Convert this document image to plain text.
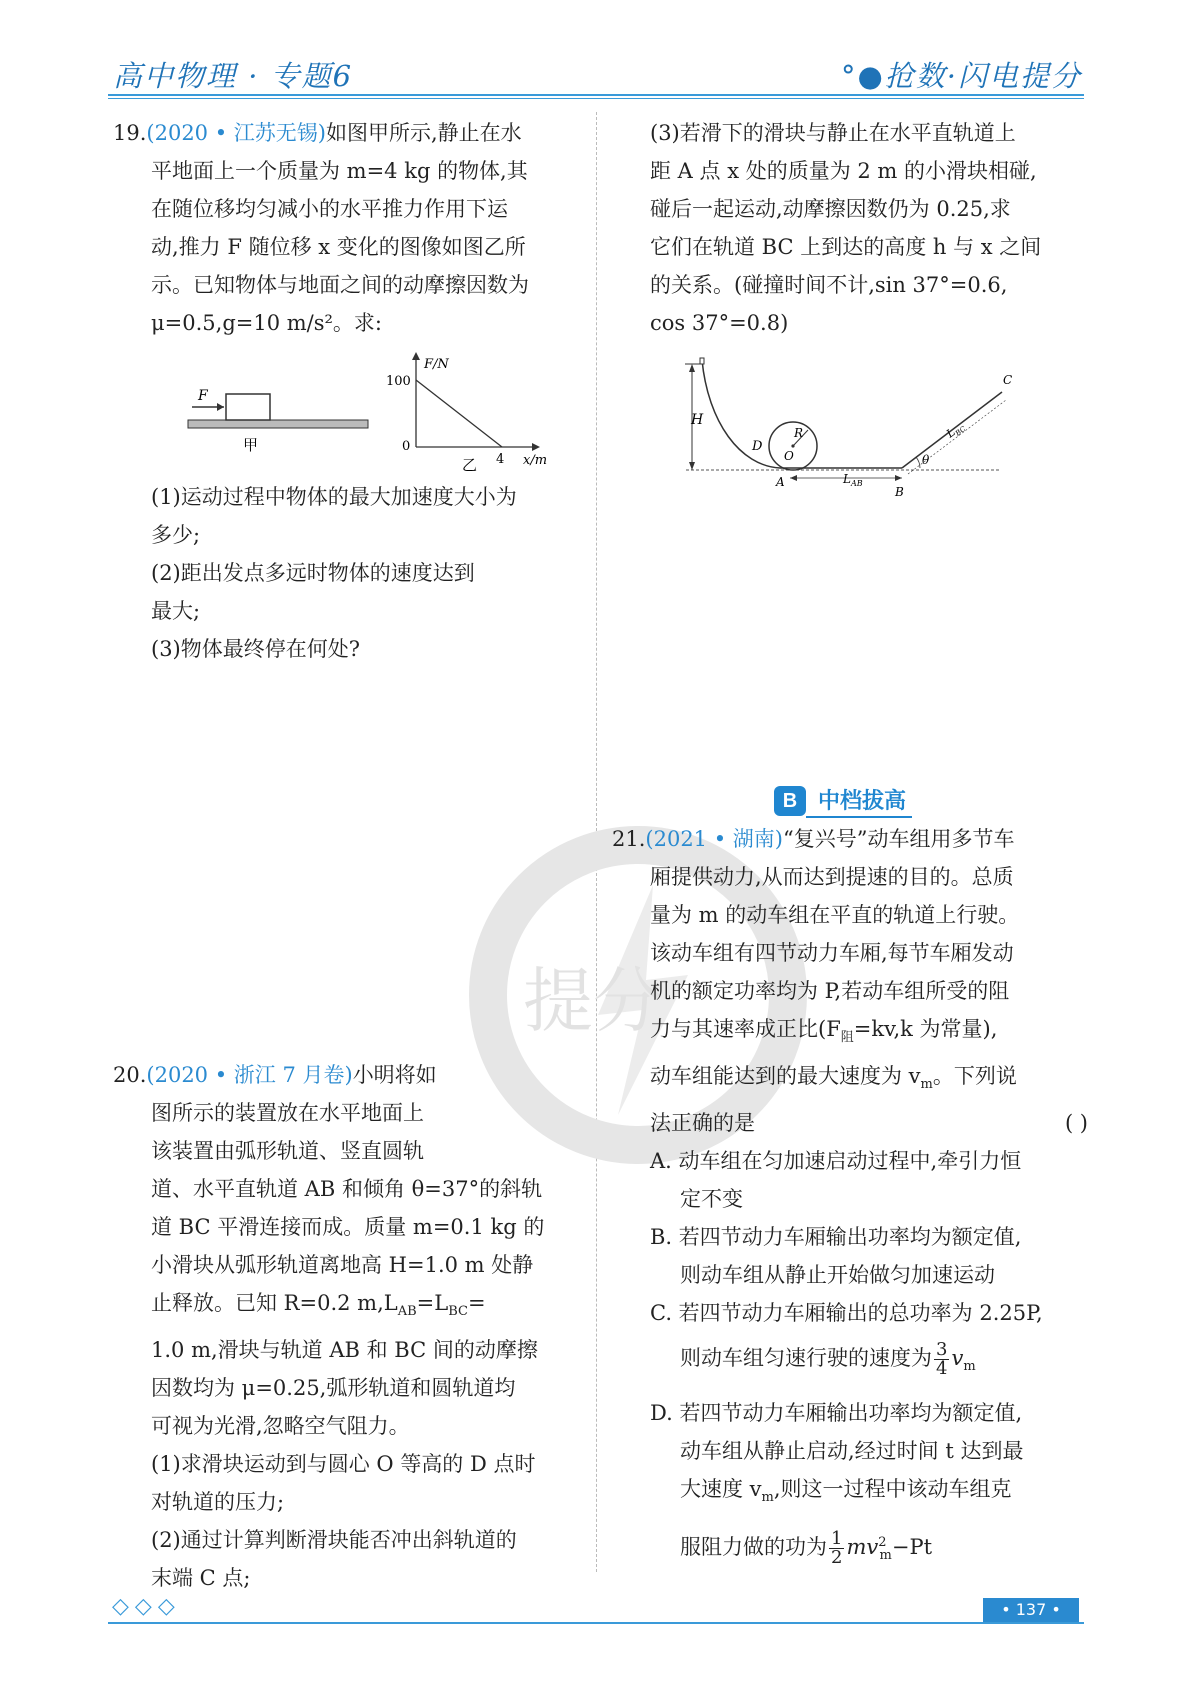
高中物理 · 专题6	°●抢数·闪电提分
提分

19.(2020 • 江苏无锡)如图甲所示,静止在水

平地面上一个质量为 m=4 kg 的物体,其

在随位移均匀减小的水平推力作用下运

动,推力 F 随位移 x 变化的图像如图乙所

示。已知物体与地面之间的动摩擦因数为

μ=0.5,g=10 m/s²。求:

F
甲
F/N
100
0
4 x/m
乙

(1)运动过程中物体的最大加速度大小为

多少;

(2)距出发点多远时物体的速度达到

最大;

(3)物体最终停在何处?

(3)若滑下的滑块与静止在水平直轨道上

距 A 点 x 处的质量为 2 m 的小滑块相碰,

碰后一起运动,动摩擦因数仍为 0.25,求

它们在轨道 BC 上到达的高度 h 与 x 之间

的关系。(碰撞时间不计,sin 37°=0.6,

cos 37°=0.8)

H
D
R
O
A	$L_{AB}$
B
C
$L_{BC}$
θ

20.(2020 • 浙江 7 月卷)小明将如

图所示的装置放在水平地面上

该装置由弧形轨道、竖直圆轨

道、水平直轨道 AB 和倾角 θ=37°的斜轨

道 BC 平滑连接而成。质量 m=0.1 kg 的

小滑块从弧形轨道离地高 H=1.0 m 处静

止释放。已知 R=0.2 $m,L_{AB}=L_{BC}=$

1.0 m,滑块与轨道 AB 和 BC 间的动摩擦

因数均为 μ=0.25,弧形轨道和圆轨道均

可视为光滑,忽略空气阻力。

(1)求滑块运动到与圆心 O 等高的 D 点时

对轨道的压力;

(2)通过计算判断滑块能否冲出斜轨道的

末端 C 点;

B 中档拔高

21.(2021 • 湖南)“复兴号”动车组用多节车

厢提供动力,从而达到提速的目的。总质

量为 m 的动车组在平直的轨道上行驶。

该动车组有四节动力车厢,每节车厢发动

机的额定功率均为 P,若动车组所受的阻

力与其速率成正比($F_阻=kv,k$ 为常量),

动车组能达到的最大速度为 $v_m$。下列说

法正确的是	( )

A. 动车组在匀加速启动过程中,牵引力恒

定不变

B. 若四节动力车厢输出功率均为额定值,

则动车组从静止开始做匀加速运动

C. 若四节动力车厢输出的总功率为 2.25P,

则动车组匀速行驶的速度为 $\frac{3}{4} v_m$

D. 若四节动力车厢输出功率均为额定值,

动车组从静止启动,经过时间 t 达到最

大速度 $v_m$,则这一过程中该动车组克

服阻力做的功为 $\frac{1}{2} mv^2_m-Pt$

◇◇◇	• 137 •
